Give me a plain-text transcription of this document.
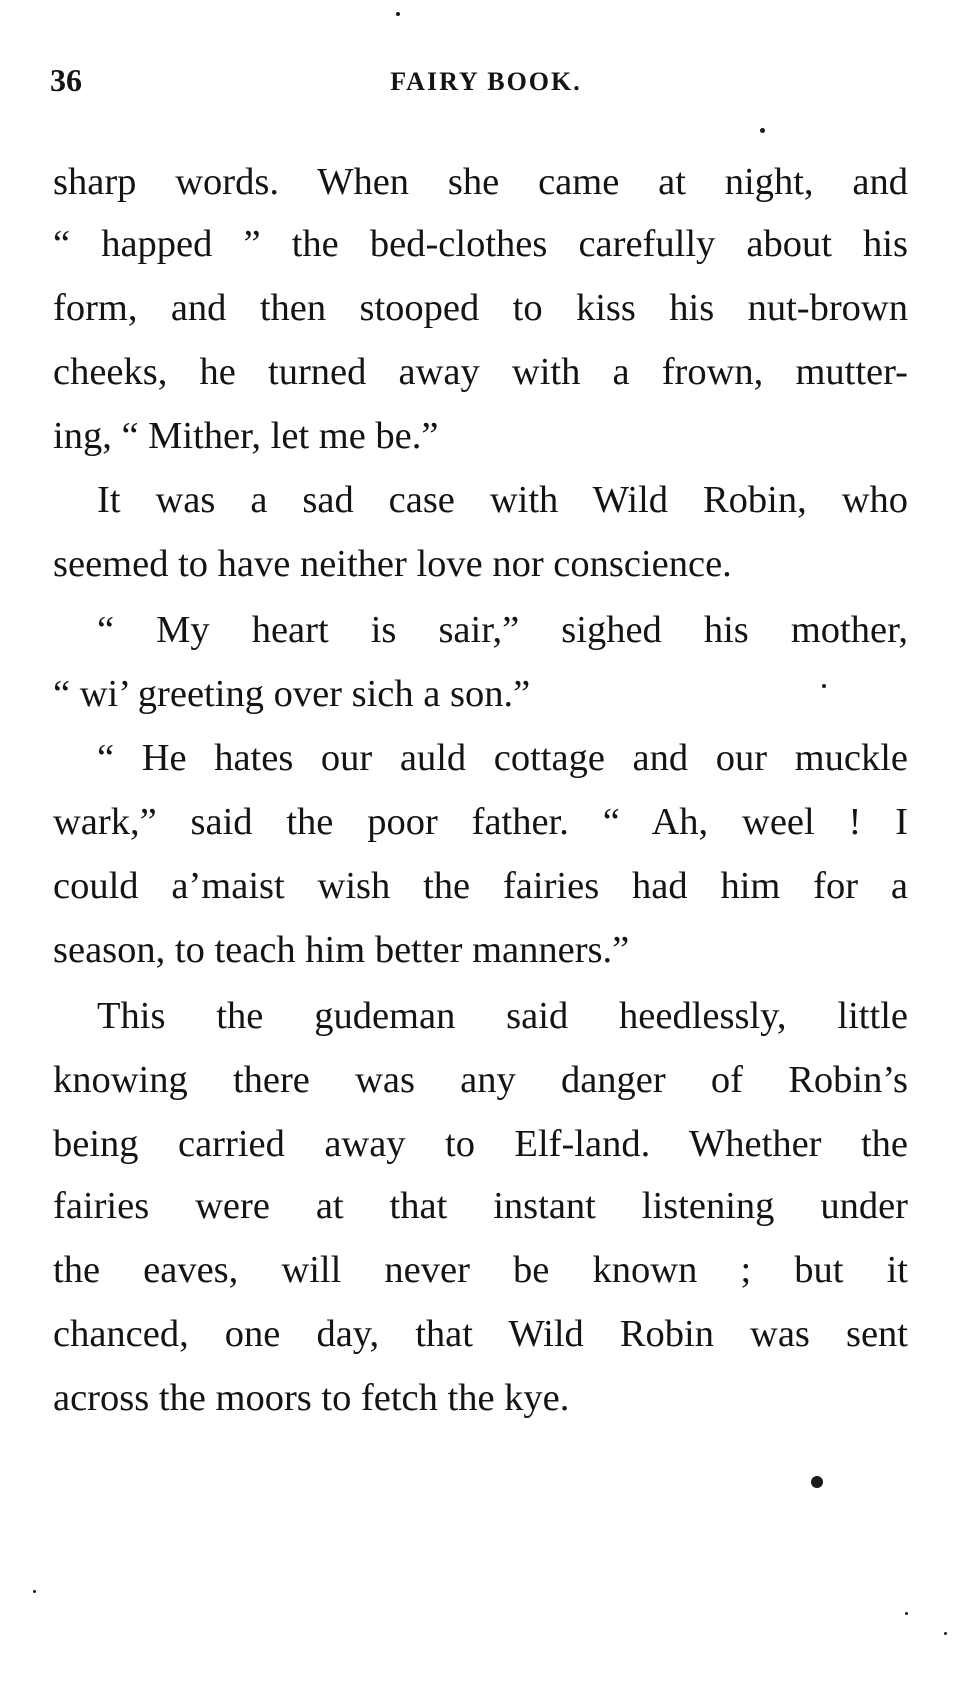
36	FAIRY BOOK.
sharp words. When she came at night, and
“ happed ” the bed-clothes carefully about his
form, and then stooped to kiss his nut-brown
cheeks, he turned away with a frown, mutter-
ing, “ Mither, let me be.”
It was a sad case with Wild Robin, who
seemed to have neither love nor conscience.
“ My heart is sair,” sighed his mother,
“ wi’ greeting over sich a son.”
“ He hates our auld cottage and our muckle
wark,” said the poor father. “ Ah, weel ! I
could a’maist wish the fairies had him for a
season, to teach him better manners.”
This the gudeman said heedlessly, little
knowing there was any danger of Robin’s
being carried away to Elf-land. Whether the
fairies were at that instant listening under
the eaves, will never be known ; but it
chanced, one day, that Wild Robin was sent
across the moors to fetch the kye.
